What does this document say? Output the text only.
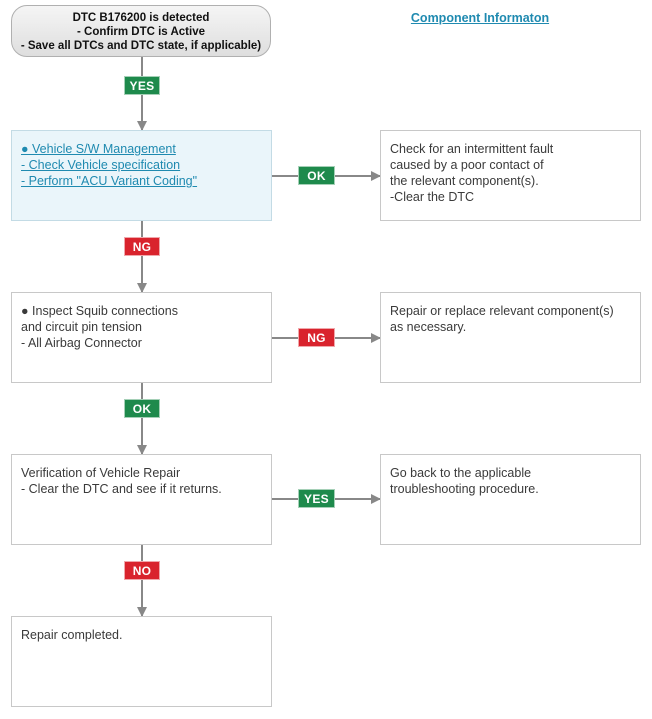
DTC B176200 is detected
- Confirm DTC is Active
- Save all DTCs and DTC state, if applicable)
Component Informaton
● Vehicle S/W Management
- Check Vehicle specification
- Perform "ACU Variant Coding"
Check for an intermittent fault
caused by a poor contact of
the relevant component(s).
-Clear the DTC
● Inspect Squib connections
and circuit pin tension
- All Airbag Connector
Repair or replace relevant component(s)
as necessary.
Verification of Vehicle Repair
- Clear the DTC and see if it returns.
Go back to the applicable
troubleshooting procedure.
Repair completed.
YES
OK
NG
NG
OK
YES
NO
